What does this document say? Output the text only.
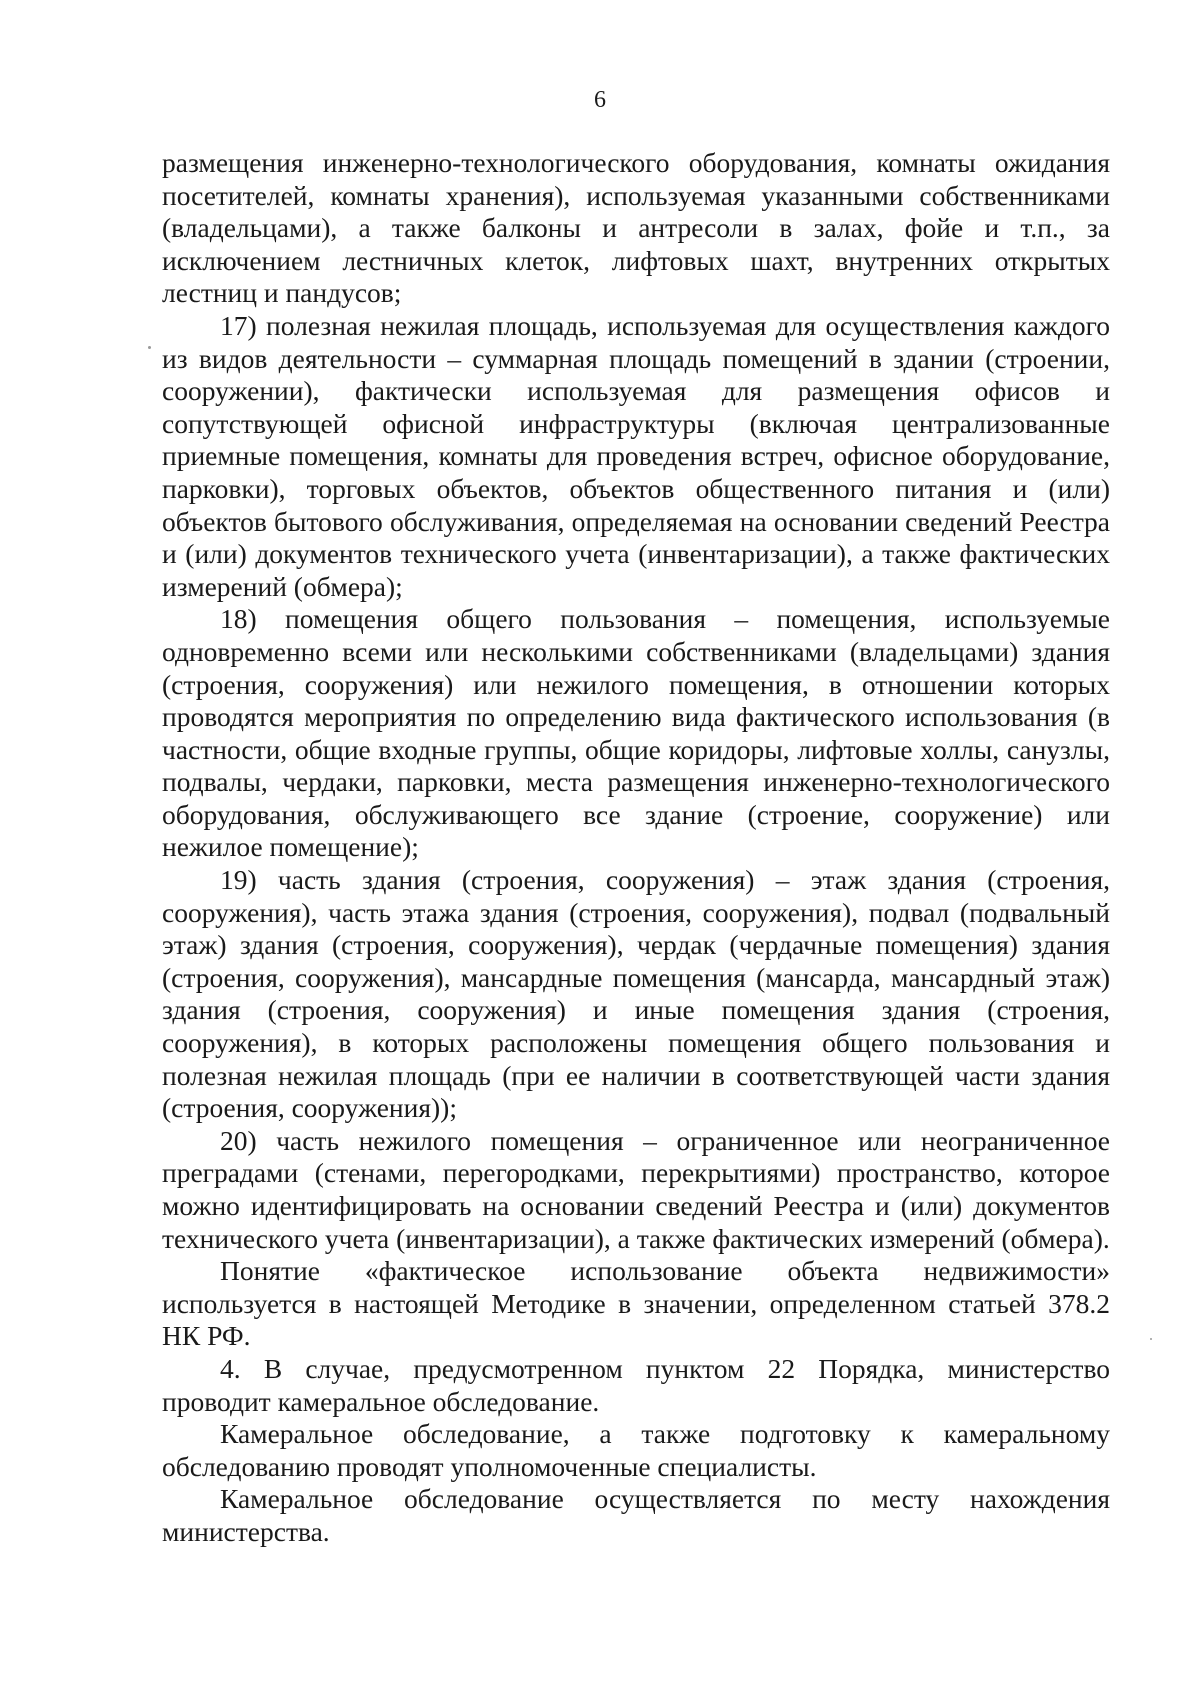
6

размещения инженерно-технологического оборудования, комнаты ожидания посетителей, комнаты хранения), используемая указанными собственниками (владельцами), а также балконы и антресоли в залах, фойе и т.п., за исключением лестничных клеток, лифтовых шахт, внутренних открытых лестниц и пандусов;

17) полезная нежилая площадь, используемая для осуществления каждого из видов деятельности – суммарная площадь помещений в здании (строении, сооружении), фактически используемая для размещения офисов и сопутствующей офисной инфраструктуры (включая централизованные приемные помещения, комнаты для проведения встреч, офисное оборудование, парковки), торговых объектов, объектов общественного питания и (или) объектов бытового обслуживания, определяемая на основании сведений Реестра и (или) документов технического учета (инвентаризации), а также фактических измерений (обмера);

18) помещения общего пользования – помещения, используемые одновременно всеми или несколькими собственниками (владельцами) здания (строения, сооружения) или нежилого помещения, в отношении которых проводятся мероприятия по определению вида фактического использования (в частности, общие входные группы, общие коридоры, лифтовые холлы, санузлы, подвалы, чердаки, парковки, места размещения инженерно-технологического оборудования, обслуживающего все здание (строение, сооружение) или нежилое помещение);

19) часть здания (строения, сооружения) – этаж здания (строения, сооружения), часть этажа здания (строения, сооружения), подвал (подвальный этаж) здания (строения, сооружения), чердак (чердачные помещения) здания (строения, сооружения), мансардные помещения (мансарда, мансардный этаж) здания (строения, сооружения) и иные помещения здания (строения, сооружения), в которых расположены помещения общего пользования и полезная нежилая площадь (при ее наличии в соответствующей части здания (строения, сооружения));

20) часть нежилого помещения – ограниченное или неограниченное преградами (стенами, перегородками, перекрытиями) пространство, которое можно идентифицировать на основании сведений Реестра и (или) документов технического учета (инвентаризации), а также фактических измерений (обмера).

Понятие «фактическое использование объекта недвижимости» используется в настоящей Методике в значении, определенном статьей 378.2 НК РФ.

4. В случае, предусмотренном пунктом 22 Порядка, министерство проводит камеральное обследование.

Камеральное обследование, а также подготовку к камеральному обследованию проводят уполномоченные специалисты.

Камеральное обследование осуществляется по месту нахождения министерства.
